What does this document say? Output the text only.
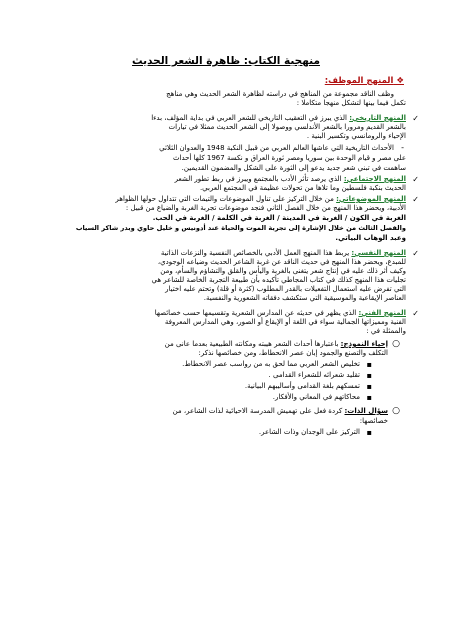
منهجية الكتاب: ظاهرة الشعر الحديث
❖ المنهج الموظف:
وظف الناقد مجموعة من المناهج في دراسته لظاهرة الشعر الحديث وهي مناهج
تكمل فيما بينها لتشكل منهجا متكاملا :
✓
المنهج التاريخي: الذي يبرز في التعقيب التاريخي للشعر العربي في بداية المؤلف، بدءا
بالشعر القديم ومرورا بالشعر الأندلسي ووصولا إلى الشعر الحديث ممثلا في تيارات
الإحياء والرومانسي وتكسير البنية .
-
الأحداث التاريخية التي عاشها العالم العربي من قبيل النكبة 1948 والعدوان الثلاثي
على مصر و قيام الوحدة بين سوريا ومصر ثورة العراق و نكسة 1967 كلها أحداث
ساهمت في تبني شعر جديد يدعو إلى الثورة على الشكل والمضمون القديمين.
✓
المنهج الاجتماعي: الذي يرصد تأثر الأدب بالمجتمع ويبرز في ربط تطور الشعر
الحديث بنكبة فلسطين وما تلاها من تحولات عظيمة في المجتمع العربي.
✓
المنهج الموضوعاتي: من خلال التركيز على تناول الموضوعات والتيمات التي تتداول حولها الظواهر
الأدبية، ويحضر هذا المنهج من خلال الفصل الثاني فنجد موضوعات تجربة الغربة والضياع من قبيل :
الغربة في الكون / الغربة في المدينة / الغربة في الكلمة / الغربة في الحب.
والفصل الثالث من خلال الإشارة إلى تجربة الموت والحياة عند أدونيس و خليل حاوي وبدر شاكر السياب
وعبد الوهاب البياتي.
✓
المنهج النفسي: يربط هذا المنهج العمل الأدبي بالخصائص النفسية والنزعات الذاتية
للمبدع، ويحضر هذا المنهج في حديث الناقد عن غربة الشاعر الحديث وضياعه الوجودي،
وكيف أثر ذلك عليه في إنتاج شعر يتغنى بالغربة واليأس والقلق والتشاؤم والسأم، ومن
تجليات هذا المنهج كذلك في كتاب المجاطي تأكيده بأن طبيعة التجربة الخاصة للشاعر هي
التي تفرض عليه استعمال التفعيلات بالقدر المطلوب (كثرة أو قلة) وتحتم عليه اختيار
العناصر الإيقاعية والموسيقية التي ستكشف دفقاته الشعورية والنفسية.
✓
المنهج الفني: الذي يظهر في حديثه عن المدارس الشعرية وتقسيمها حسب خصائصها
الفنية ومميزاتها الجمالية سواء في اللغة أو الإيقاع أو الصور، وهي المدارس المعروفة
والممثلة في :
○
إحياء النموذج: باعتبارها أحداث الشعر هيبته ومكانته الطبيعية بعدما عانى من
التكلف والتصنع والجمود إبان عصر الانحطاط، ومن خصائصها نذكر:
▪
تخليص الشعر العربي مما لحق به من رواسب عصر الانحطاط.
▪
تقليد شعرائه للشعراء القدامى .
▪
تمسكهم بلغة القدامى وأساليبهم البيانية.
▪
محاكاتهم في المعاني والأفكار.
○
سؤال الذات: كردة فعل على تهميش المدرسة الاحيائية لذات الشاعر، من
خصائصها:
▪
التركيز على الوجدان وذات الشاعر.
